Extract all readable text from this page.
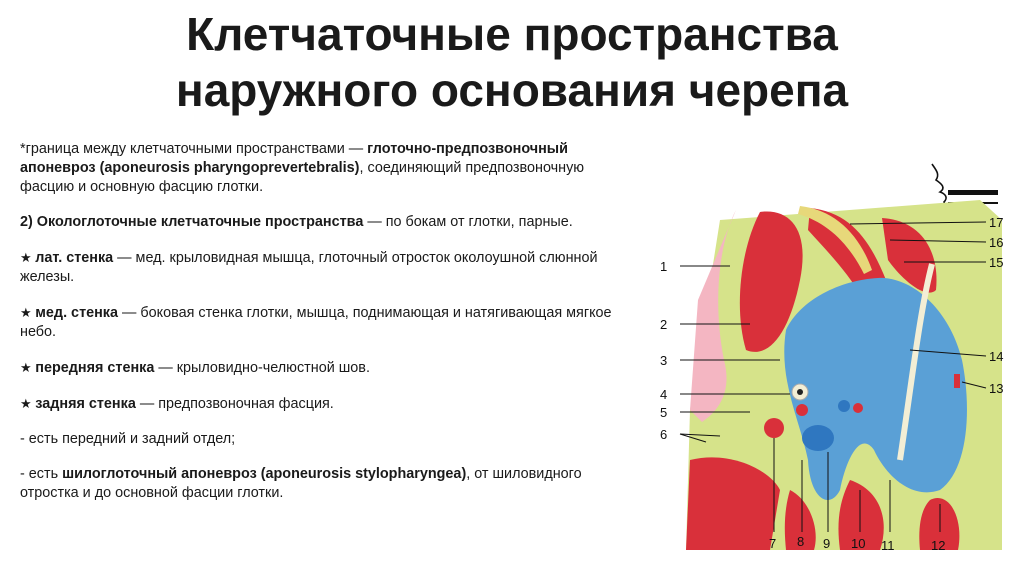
Клетчаточные пространства
наружного основания черепа

*граница между клетчаточными пространствами — глоточно-предпозвоночный апоневроз (aponeurosis pharyngoprevertebralis), соединяющий предпозвоночную фасцию и основную фасцию глотки.

2) Окологлоточные клетчаточные пространства — по бокам от глотки, парные.

★ лат. стенка — мед. крыловидная мышца, глоточный отросток околоушной слюнной железы.

★ мед. стенка — боковая стенка глотки, мышца, поднимающая и натягивающая мягкое небо.

★ передняя стенка — крыловидно-челюстной шов.

★ задняя стенка — предпозвоночная фасция.

- есть передний и задний отдел;

- есть шилоглоточный апоневроз (aponeurosis stylopharyngea), от шиловидного отростка и до основной фасции глотки.

1
2
3
4
5
6
7 8 9 10 11	12
13
14
15
16
17
